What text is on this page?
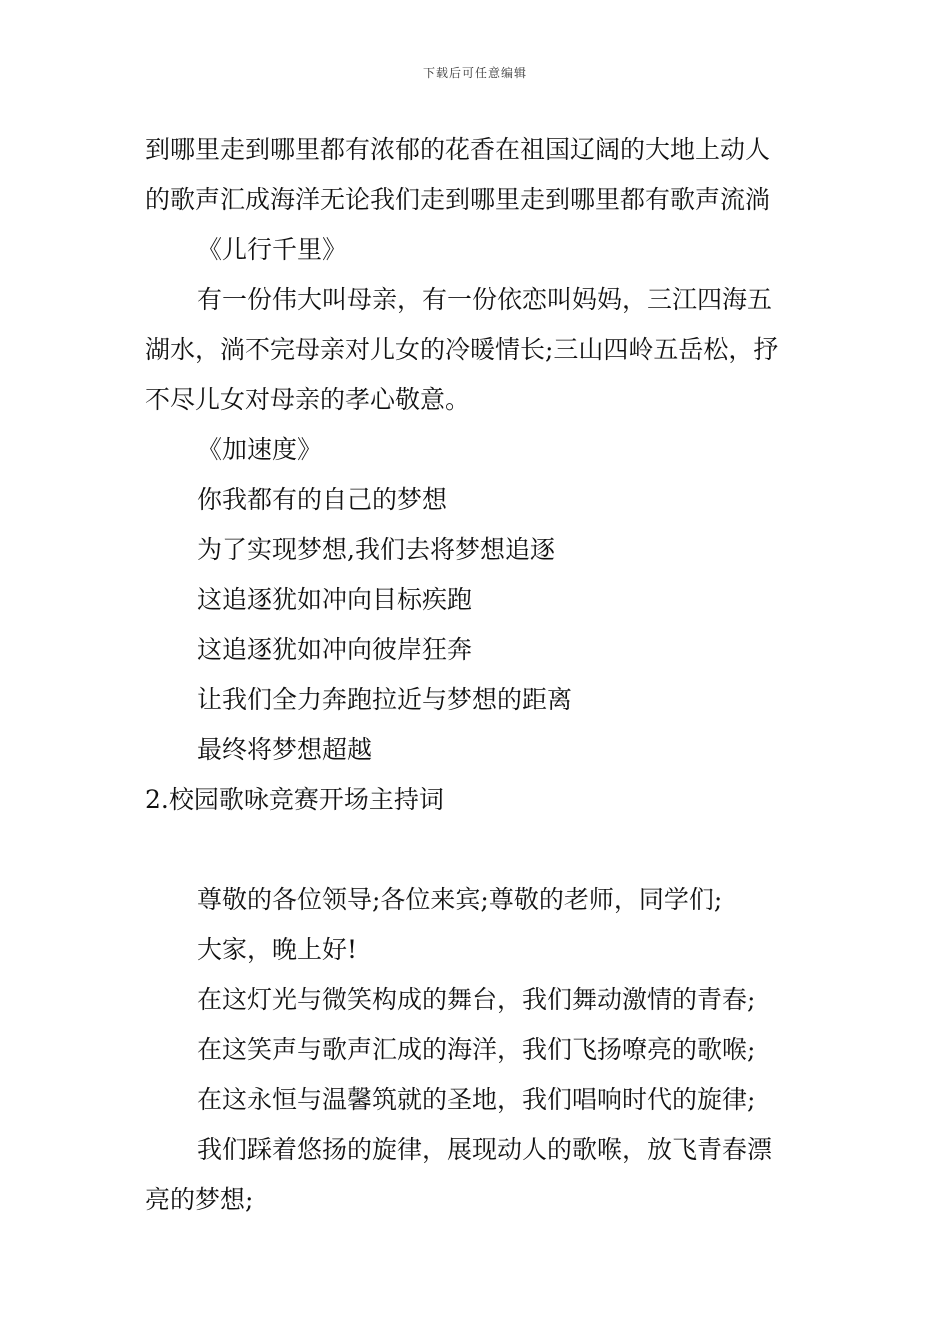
下载后可任意编辑
到哪里走到哪里都有浓郁的花香在祖国辽阔的大地上动人
的歌声汇成海洋无论我们走到哪里走到哪里都有歌声流淌
《儿行千里》
有一份伟大叫母亲，有一份依恋叫妈妈，三江四海五
湖水，淌不完母亲对儿女的冷暖情长;三山四岭五岳松，抒
不尽儿女对母亲的孝心敬意。
《加速度》
你我都有的自己的梦想
为了实现梦想,我们去将梦想追逐
这追逐犹如冲向目标疾跑
这追逐犹如冲向彼岸狂奔
让我们全力奔跑拉近与梦想的距离
最终将梦想超越
2.校园歌咏竞赛开场主持词
尊敬的各位领导;各位来宾;尊敬的老师，同学们;
大家，晚上好!
在这灯光与微笑构成的舞台，我们舞动激情的青春;
在这笑声与歌声汇成的海洋，我们飞扬嘹亮的歌喉;
在这永恒与温馨筑就的圣地，我们唱响时代的旋律;
我们踩着悠扬的旋律，展现动人的歌喉，放飞青春漂
亮的梦想;
